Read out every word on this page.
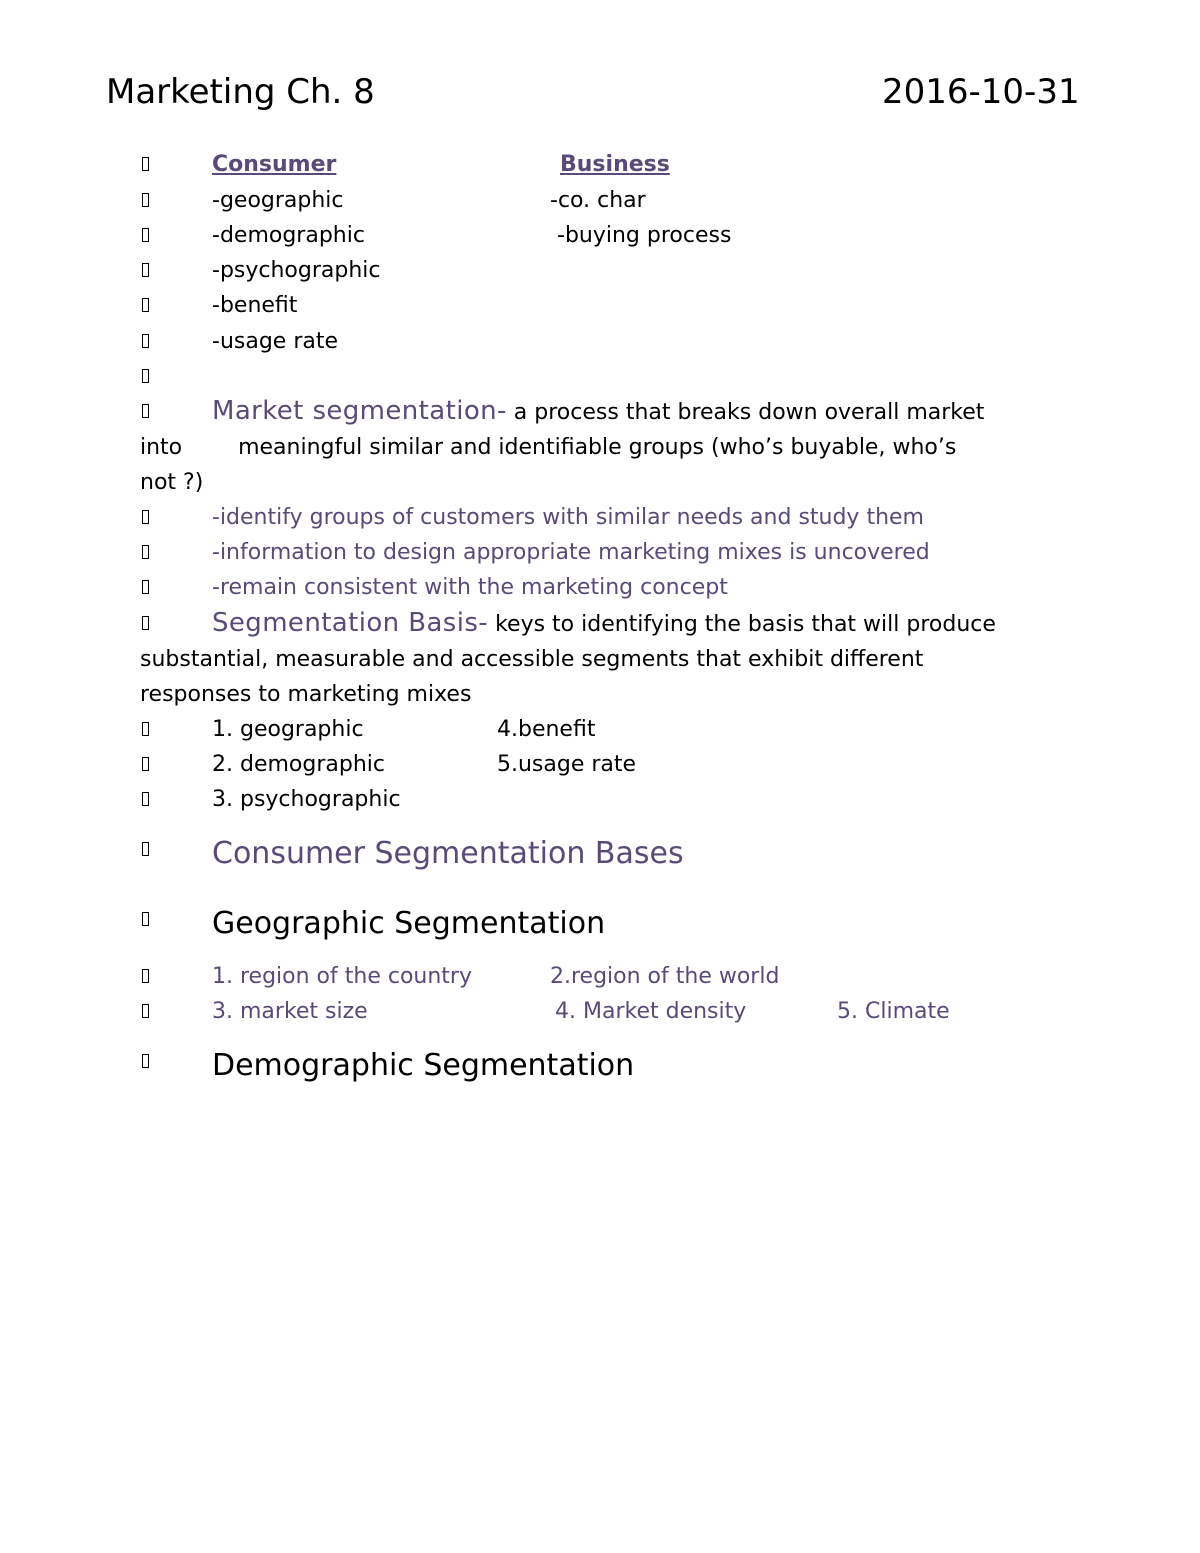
Marketing Ch. 8	2016-10-31
Consumer	Business
-geographic	-co. char
-demographic	-buying process
-psychographic
-benefit
-usage rate
Market segmentation- a process that breaks down overall market
into        meaningful similar and identifiable groups (who’s buyable, who’s
not ?)
-identify groups of customers with similar needs and study them
-information to design appropriate marketing mixes is uncovered
-remain consistent with the marketing concept
Segmentation Basis- keys to identifying the basis that will produce
substantial, measurable and accessible segments that exhibit different
responses to marketing mixes
1. geographic	4.benefit
2. demographic	5.usage rate
3. psychographic
Consumer Segmentation Bases
Geographic Segmentation
1. region of the country	2.region of the world
3. market size	4. Market density	5. Climate
Demographic Segmentation
